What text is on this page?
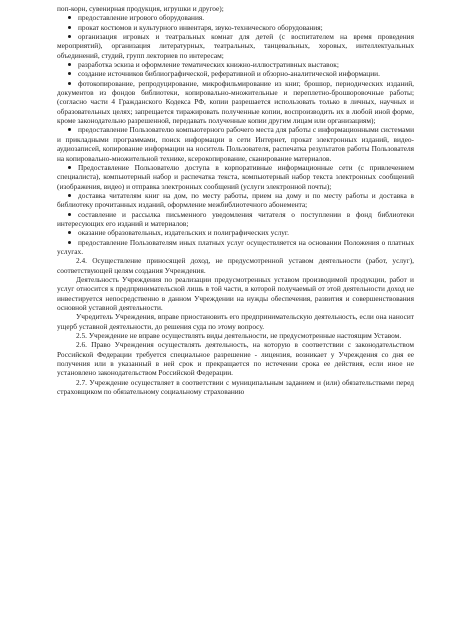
поп-корн, сувенирная продукция, игрушки и другое);

предоставление игрового оборудования.

прокат костюмов и культурного инвентаря, звуко-технического оборудования;

организация игровых и театральных комнат для детей (с воспитателем на время проведения мероприятий), организация литературных, театральных, танцевальных, хоровых, интеллектуальных объединений, студий, групп лекториев по интересам;

разработка эскиза и оформление тематических книжно-иллюстративных выставок;

создание источников библиографической, реферативной и обзорно-аналитической информации.

фотокопирование, репродуцирование, микрофильмирование из книг, брошюр, периодических изданий, документов из фондов библиотеки, копировально-множительные и переплетно-брошюровочные работы; (согласно части 4 Гражданского Кодекса РФ, копии разрешается использовать только в личных, научных и образовательных целях; запрещается тиражировать полученные копии, воспроизводить их в любой иной форме, кроме законодательно разрешенной, передавать полученные копии другим лицам или организациям);

предоставление Пользователю компьютерного рабочего места для работы с информационными системами и прикладными программами, поиск информации в сети Интернет, прокат электронных изданий, видео-аудиозаписей, копирование информации на носитель Пользователя, распечатка результатов работы Пользователя на копировально-множительной технике, ксерокопирование, сканирование материалов.

Предоставление Пользователю доступа в корпоративные информационные сети (с привлечением специалиста), компьютерный набор и распечатка текста, компьютерный набор текста электронных сообщений (изображения, видео) и отправка электронных сообщений (услуги электронной почты);

доставка читателям книг на дом, по месту работы, прием на дому и по месту работы и доставка в библиотеку прочитанных изданий, оформление межбиблиотечного абонемента;

составление и рассылка письменного уведомления читателя о поступлении в фонд библиотеки интересующих его изданий и материалов;

оказание образовательных, издательских и полиграфических услуг.

предоставление Пользователям иных платных услуг осуществляется на основании Положения о платных услугах.

2.4. Осуществление приносящей доход, не предусмотренной уставом деятельности (работ, услуг), соответствующей целям создания Учреждения.

Деятельность Учреждения по реализации предусмотренных уставом производимой продукции, работ и услуг относится к предпринимательской лишь в той части, в которой получаемый от этой деятельности доход не инвестируется непосредственно в данном Учреждении на нужды обеспечения, развития и совершенствования основной уставной деятельности.

Учредитель Учреждения, вправе приостановить его предпринимательскую деятельность, если она наносит ущерб уставной деятельности, до решения суда по этому вопросу.

2.5. Учреждение не вправе осуществлять виды деятельности, не предусмотренные настоящим Уставом.

2.6. Право Учреждения осуществлять деятельность, на которую в соответствии с законодательством Российской Федерации требуется специальное разрешение - лицензия, возникает у Учреждения со дня ее получения или в указанный в ней срок и прекращается по истечении срока ее действия, если иное не установлено законодательством Российской Федерации.

2.7. Учреждение осуществляет в соответствии с муниципальным заданием и (или) обязательствами перед страховщиком по обязательному социальному страхованию
